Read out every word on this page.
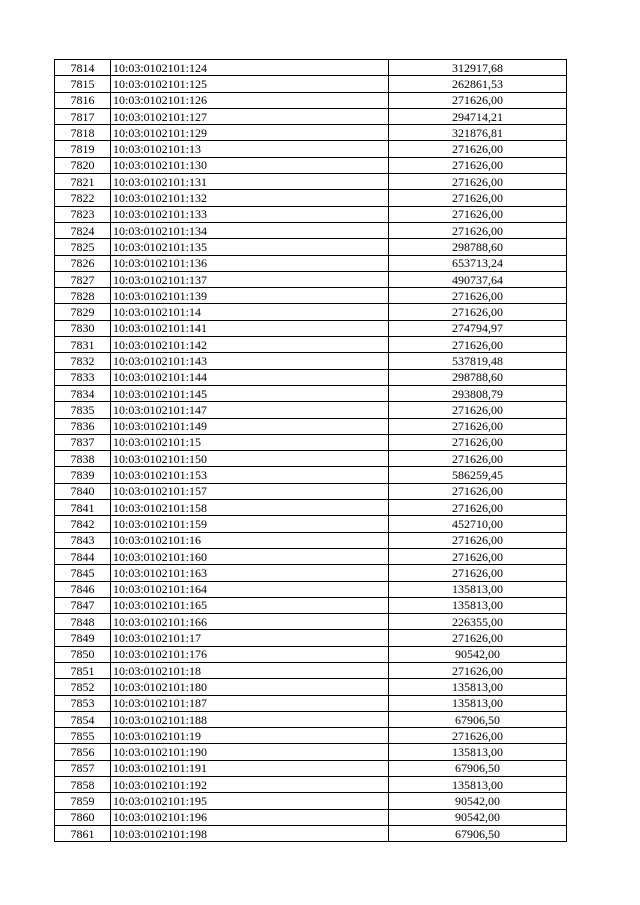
7814	10:03:0102101:124	312917,68
7815	10:03:0102101:125	262861,53
7816	10:03:0102101:126	271626,00
7817	10:03:0102101:127	294714,21
7818	10:03:0102101:129	321876,81
7819	10:03:0102101:13	271626,00
7820	10:03:0102101:130	271626,00
7821	10:03:0102101:131	271626,00
7822	10:03:0102101:132	271626,00
7823	10:03:0102101:133	271626,00
7824	10:03:0102101:134	271626,00
7825	10:03:0102101:135	298788,60
7826	10:03:0102101:136	653713,24
7827	10:03:0102101:137	490737,64
7828	10:03:0102101:139	271626,00
7829	10:03:0102101:14	271626,00
7830	10:03:0102101:141	274794,97
7831	10:03:0102101:142	271626,00
7832	10:03:0102101:143	537819,48
7833	10:03:0102101:144	298788,60
7834	10:03:0102101:145	293808,79
7835	10:03:0102101:147	271626,00
7836	10:03:0102101:149	271626,00
7837	10:03:0102101:15	271626,00
7838	10:03:0102101:150	271626,00
7839	10:03:0102101:153	586259,45
7840	10:03:0102101:157	271626,00
7841	10:03:0102101:158	271626,00
7842	10:03:0102101:159	452710,00
7843	10:03:0102101:16	271626,00
7844	10:03:0102101:160	271626,00
7845	10:03:0102101:163	271626,00
7846	10:03:0102101:164	135813,00
7847	10:03:0102101:165	135813,00
7848	10:03:0102101:166	226355,00
7849	10:03:0102101:17	271626,00
7850	10:03:0102101:176	90542,00
7851	10:03:0102101:18	271626,00
7852	10:03:0102101:180	135813,00
7853	10:03:0102101:187	135813,00
7854	10:03:0102101:188	67906,50
7855	10:03:0102101:19	271626,00
7856	10:03:0102101:190	135813,00
7857	10:03:0102101:191	67906,50
7858	10:03:0102101:192	135813,00
7859	10:03:0102101:195	90542,00
7860	10:03:0102101:196	90542,00
7861	10:03:0102101:198	67906,50
